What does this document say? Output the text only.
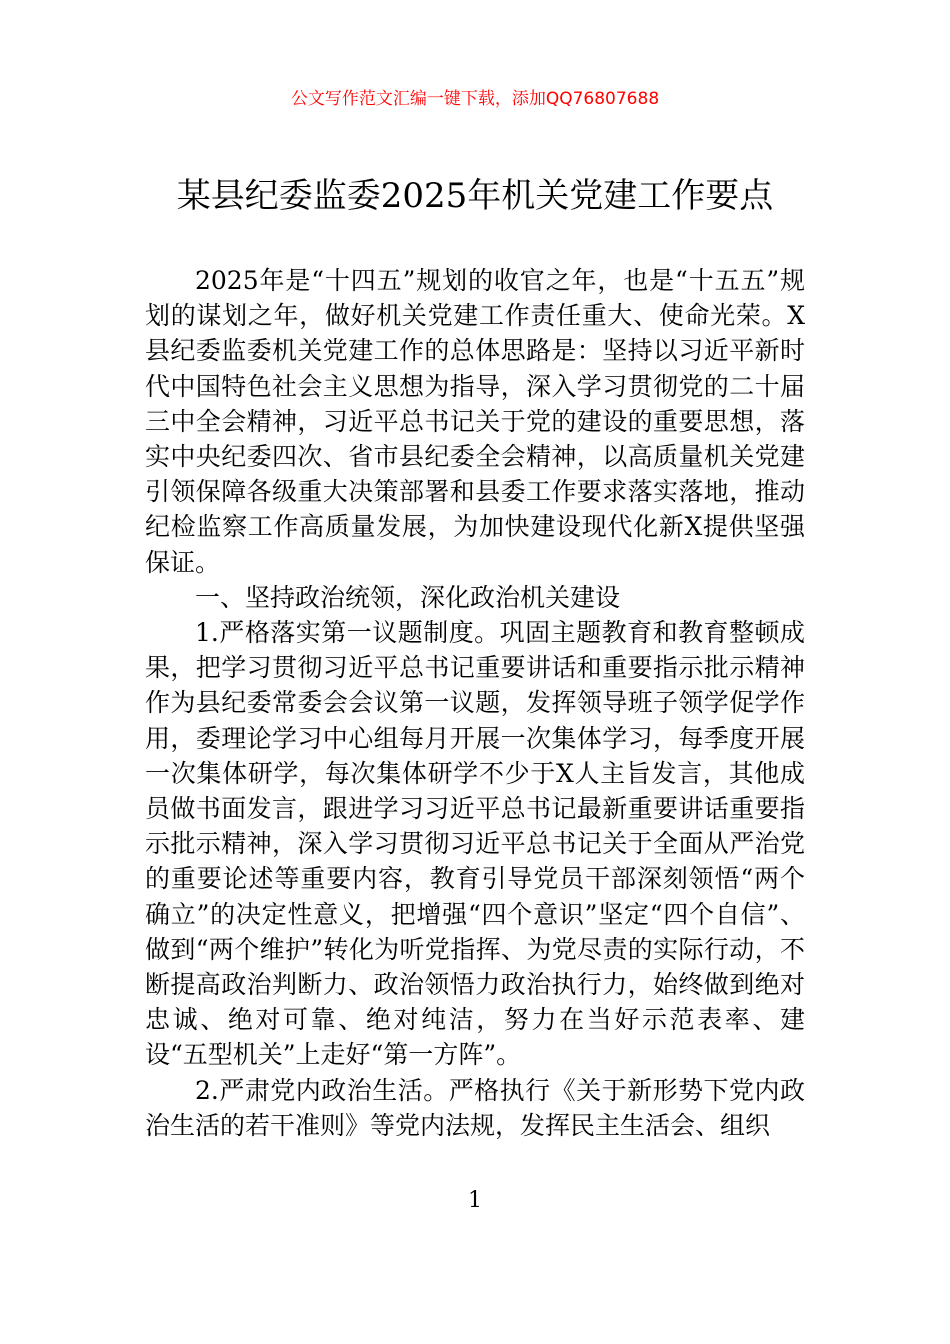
公文写作范文汇编一键下载，添加QQ76807688
某县纪委监委2025年机关党建工作要点

2025年是“十四五”规划的收官之年，也是“十五五”规划的谋划之年，做好机关党建工作责任重大、使命光荣。X县纪委监委机关党建工作的总体思路是：坚持以习近平新时代中国特色社会主义思想为指导，深入学习贯彻党的二十届三中全会精神，习近平总书记关于党的建设的重要思想，落实中央纪委四次、省市县纪委全会精神，以高质量机关党建引领保障各级重大决策部署和县委工作要求落实落地，推动纪检监察工作高质量发展，为加快建设现代化新X提供坚强保证。

一、坚持政治统领，深化政治机关建设

1.严格落实第一议题制度。巩固主题教育和教育整顿成果，把学习贯彻习近平总书记重要讲话和重要指示批示精神作为县纪委常委会会议第一议题，发挥领导班子领学促学作用，委理论学习中心组每月开展一次集体学习，每季度开展一次集体研学，每次集体研学不少于X人主旨发言，其他成员做书面发言，跟进学习习近平总书记最新重要讲话重要指示批示精神，深入学习贯彻习近平总书记关于全面从严治党的重要论述等重要内容，教育引导党员干部深刻领悟“两个确立”的决定性意义，把增强“四个意识”坚定“四个自信”、做到“两个维护”转化为听党指挥、为党尽责的实际行动，不断提高政治判断力、政治领悟力政治执行力，始终做到绝对忠诚、绝对可靠、绝对纯洁，努力在当好示范表率、建设“五型机关”上走好“第一方阵”。

2.严肃党内政治生活。严格执行《关于新形势下党内政治生活的若干准则》等党内法规，发挥民主生活会、组织

1
